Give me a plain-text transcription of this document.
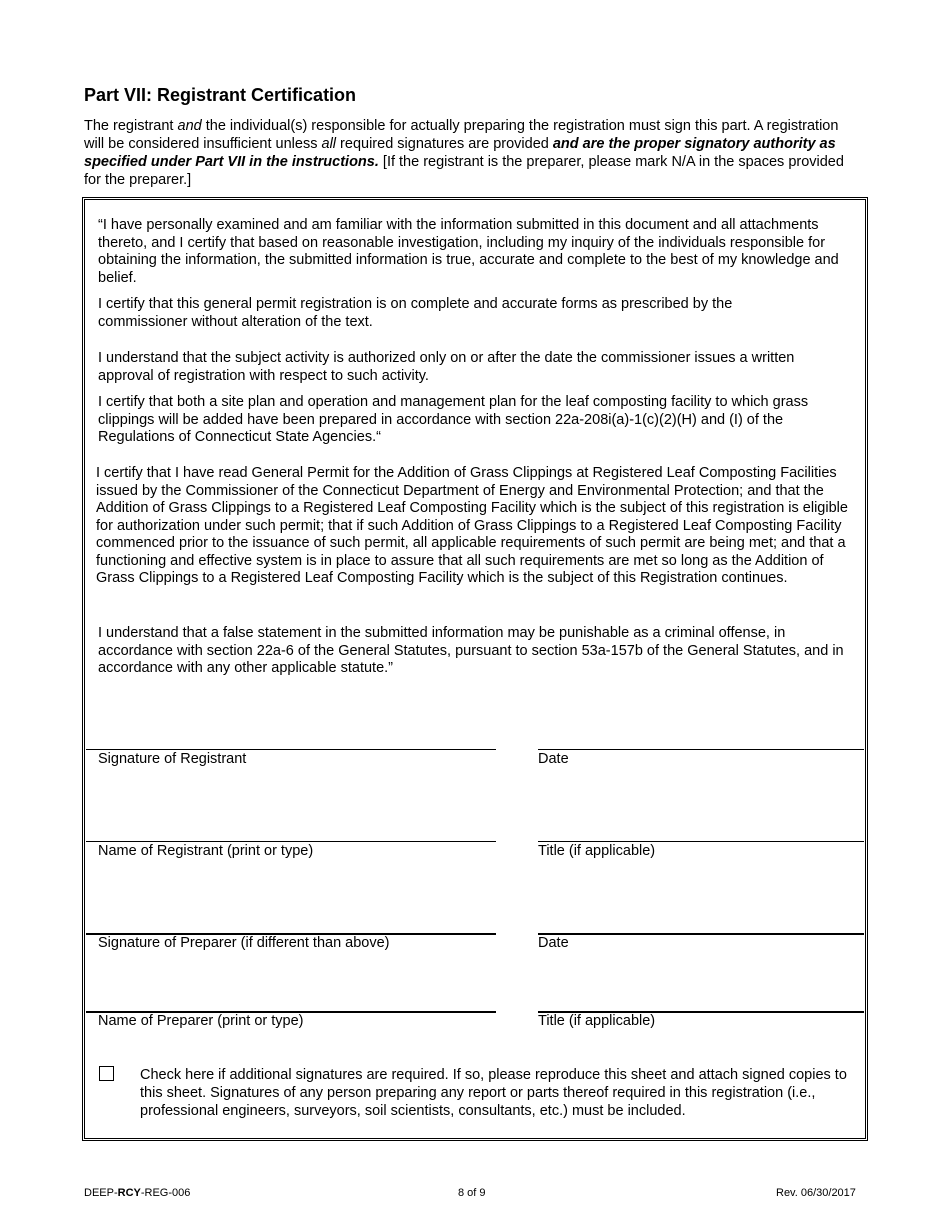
Part VII: Registrant Certification
The registrant and the individual(s) responsible for actually preparing the registration must sign this part. A registration will be considered insufficient unless all required signatures are provided and are the proper signatory authority as specified under Part VII in the instructions. [If the registrant is the preparer, please mark N/A in the spaces provided for the preparer.]
“I have personally examined and am familiar with the information submitted in this document and all attachments thereto, and I certify that based on reasonable investigation, including my inquiry of the individuals responsible for obtaining the information, the submitted information is true, accurate and complete to the best of my knowledge and belief.
I certify that this general permit registration is on complete and accurate forms as prescribed by the commissioner without alteration of the text.
I understand that the subject activity is authorized only on or after the date the commissioner issues a written approval of registration with respect to such activity.
I certify that both a site plan and operation and management plan for the leaf composting facility to which grass clippings will be added have been prepared in accordance with section 22a-208i(a)-1(c)(2)(H) and (I) of the Regulations of Connecticut State Agencies.“
I certify that I have read General Permit for the Addition of Grass Clippings at Registered Leaf Composting Facilities issued by the Commissioner of the Connecticut Department of Energy and Environmental Protection; and that the Addition of Grass Clippings to a Registered Leaf Composting Facility which is the subject of this registration is eligible for authorization under such permit; that if such Addition of Grass Clippings to a Registered Leaf Composting Facility commenced prior to the issuance of such permit, all applicable requirements of such permit are being met; and that a functioning and effective system is in place to assure that all such requirements are met so long as the Addition of Grass Clippings to a Registered Leaf Composting Facility which is the subject of this Registration continues.
I understand that a false statement in the submitted information may be punishable as a criminal offense, in accordance with section 22a-6 of the General Statutes, pursuant to section 53a-157b of the General Statutes, and in accordance with any other applicable statute.”
Signature of Registrant	Date
Name of Registrant (print or type)	Title (if applicable)
Signature of Preparer (if different than above)	Date
Name of Preparer (print or type)	Title (if applicable)
Check here if additional signatures are required. If so, please reproduce this sheet and attach signed copies to this sheet. Signatures of any person preparing any report or parts thereof required in this registration (i.e., professional engineers, surveyors, soil scientists, consultants, etc.) must be included.
DEEP-RCY-REG-006	8 of 9	Rev. 06/30/2017
